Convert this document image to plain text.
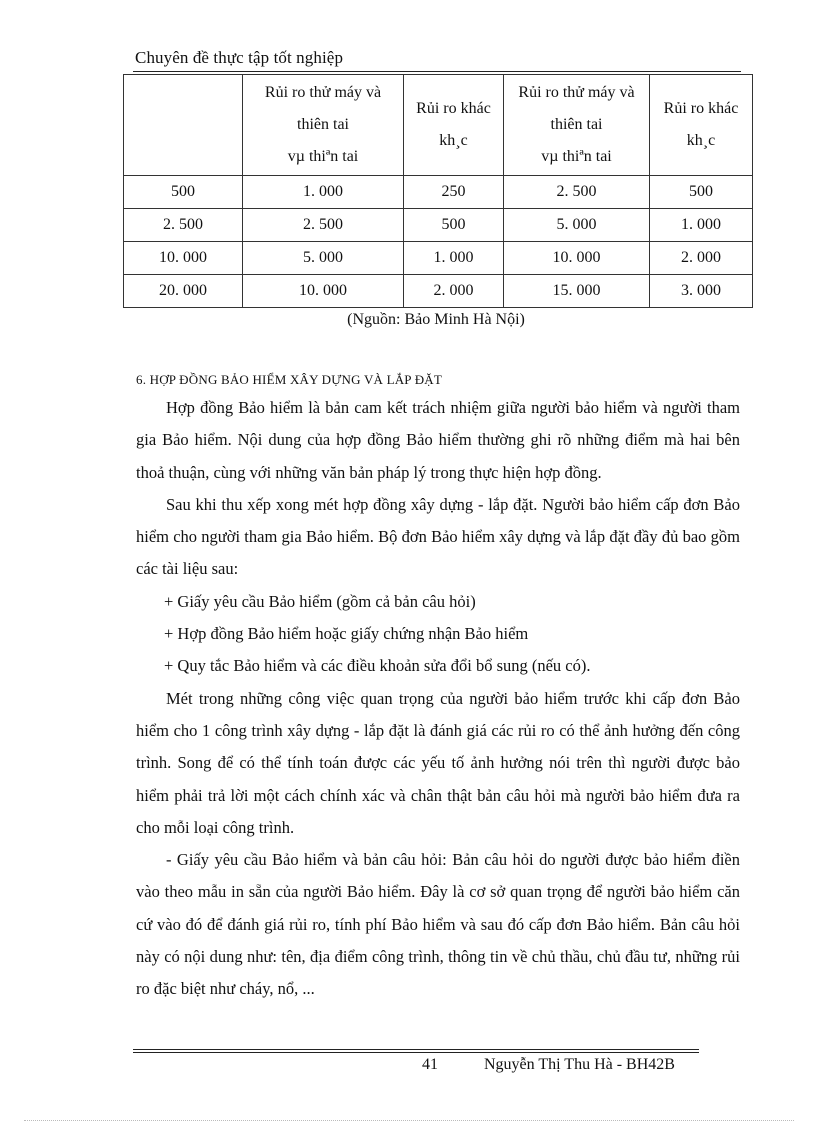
Chuyên đề thực tập tốt nghiệp

	Rủi ro thử máy và
thiên tai
vµ thiªn tai	Rủi ro khác
kh¸c	Rủi ro thử máy và
thiên tai
vµ thiªn tai	Rủi ro khác
kh¸c

500	1. 000	250	2. 500	500
2. 500	2. 500	500	5. 000	1. 000
10. 000	5. 000	1. 000	10. 000	2. 000
20. 000	10. 000	2. 000	15. 000	3. 000
(Nguồn: Bảo Minh Hà Nội)
6. HỢP ĐỒNG BẢO HIỂM XÂY DỰNG VÀ LẮP ĐẶT

Hợp đồng Bảo hiểm là bản cam kết trách nhiệm giữa người bảo hiểm và người tham gia Bảo hiểm. Nội dung của hợp đồng Bảo hiểm thường ghi rõ những điểm mà hai bên thoả thuận, cùng với những văn bản pháp lý trong thực hiện hợp đồng.

Sau khi thu xếp xong mét hợp đồng xây dựng - lắp đặt. Người bảo hiểm cấp đơn Bảo hiểm cho người tham gia Bảo hiểm. Bộ đơn Bảo hiểm xây dựng và lắp đặt đầy đủ bao gồm các tài liệu sau:

+ Giấy yêu cầu Bảo hiểm (gồm cả bản câu hỏi)

+ Hợp đồng Bảo hiểm hoặc giấy chứng nhận Bảo hiểm

+ Quy tắc Bảo hiểm và các điều khoản sửa đổi bổ sung (nếu có).

Mét trong những công việc quan trọng của người bảo hiểm trước khi cấp đơn Bảo hiểm cho 1 công trình xây dựng - lắp đặt là đánh giá các rủi ro có thể ảnh hưởng đến công trình. Song để có thể tính toán được các yếu tố ảnh hưởng nói trên thì người được bảo hiểm phải trả lời một cách chính xác và chân thật bản câu hỏi mà người bảo hiểm đưa ra cho mỗi loại công trình.

- Giấy yêu cầu Bảo hiểm và bản câu hỏi: Bản câu hỏi do người được bảo hiểm điền vào theo mẫu in sẵn của người Bảo hiểm. Đây là cơ sở quan trọng để người bảo hiểm căn cứ vào đó để đánh giá rủi ro, tính phí Bảo hiểm và sau đó cấp đơn Bảo hiểm. Bản câu hỏi này có nội dung như: tên, địa điểm công trình, thông tin về chủ thầu, chủ đầu tư, những rủi ro đặc biệt như cháy, nổ, ...

41	Nguyễn Thị Thu Hà - BH42B
